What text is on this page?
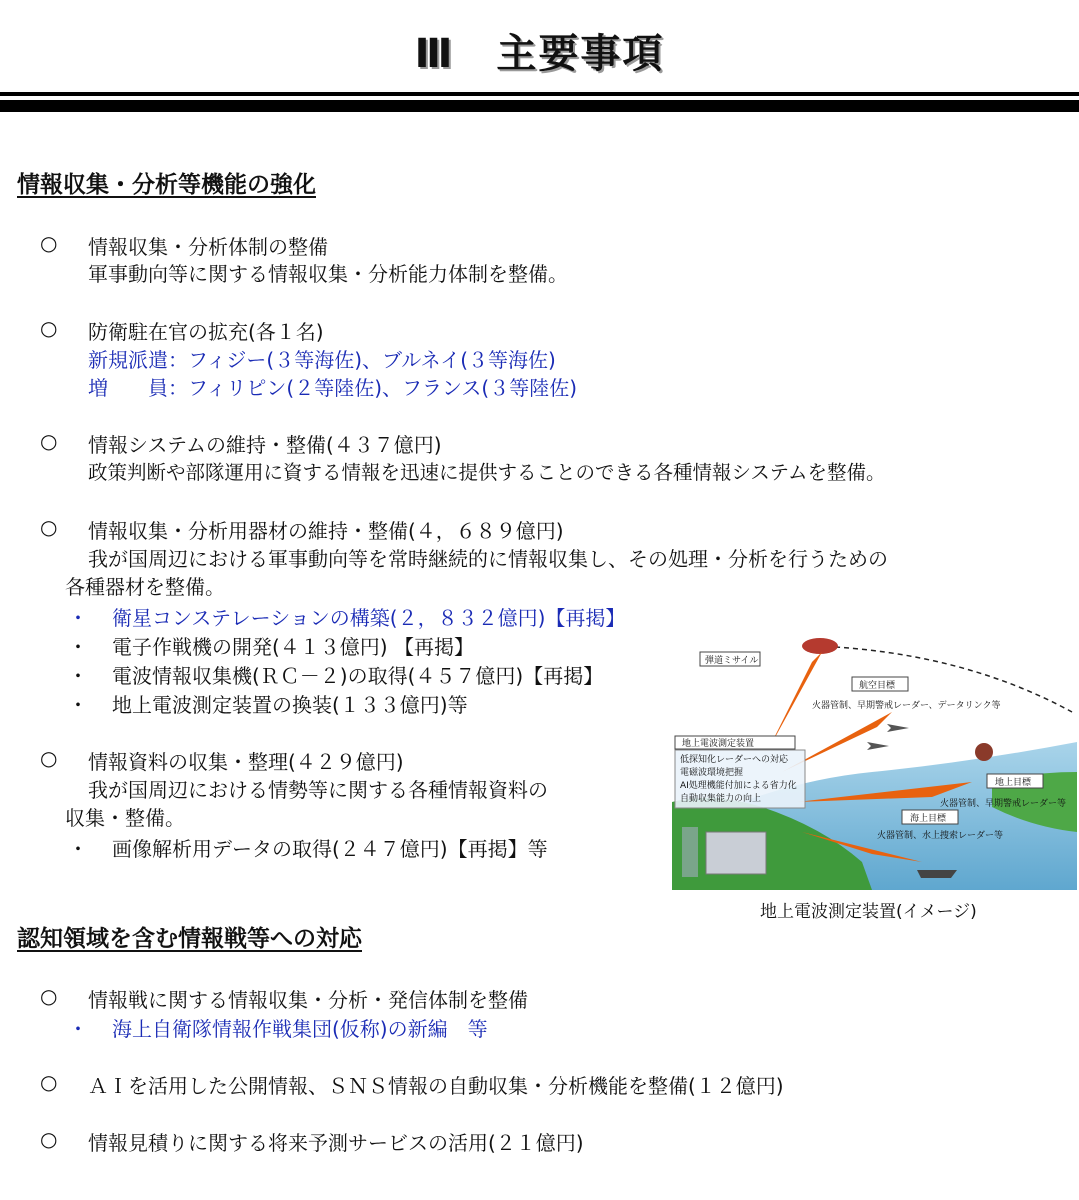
Ⅲ　主要事項
情報収集・分析等機能の強化
○ 情報収集・分析体制の整備
軍事動向等に関する情報収集・分析能力体制を整備。
○ 防衛駐在官の拡充(各１名)
新規派遣：フィジー(３等海佐)、ブルネイ(３等海佐)
増　　員：フィリピン(２等陸佐)、フランス(３等陸佐)
○ 情報システムの維持・整備(４３７億円)
政策判断や部隊運用に資する情報を迅速に提供することのできる各種情報システムを整備。
○ 情報収集・分析用器材の維持・整備(４，６８９億円)
我が国周辺における軍事動向等を常時継続的に情報収集し、その処理・分析を行うための
各種器材を整備。
・ 衛星コンステレーションの構築(２，８３２億円)【再掲】
・ 電子作戦機の開発(４１３億円) 【再掲】
・ 電波情報収集機(ＲＣ－２)の取得(４５７億円)【再掲】
・ 地上電波測定装置の換装(１３３億円)等
○ 情報資料の収集・整理(４２９億円)
我が国周辺における情勢等に関する各種情報資料の
収集・整備。
・ 画像解析用データの取得(２４７億円)【再掲】等
弾道ミサイル
航空目標
火器管制、早期警戒レーダー、データリンク等
地上電波測定装置
低探知化レーダーへの対応
電磁波環境把握
AI処理機能付加による省力化
自動収集能力の向上
地上目標
火器管制、早期警戒レーダー等
海上目標
火器管制、水上捜索レーダー等
地上電波測定装置(イメージ)
認知領域を含む情報戦等への対応
○ 情報戦に関する情報収集・分析・発信体制を整備
・ 海上自衛隊情報作戦集団(仮称)の新編　等
○ ＡＩを活用した公開情報、ＳＮＳ情報の自動収集・分析機能を整備(１２億円)
○ 情報見積りに関する将来予測サービスの活用(２１億円)
